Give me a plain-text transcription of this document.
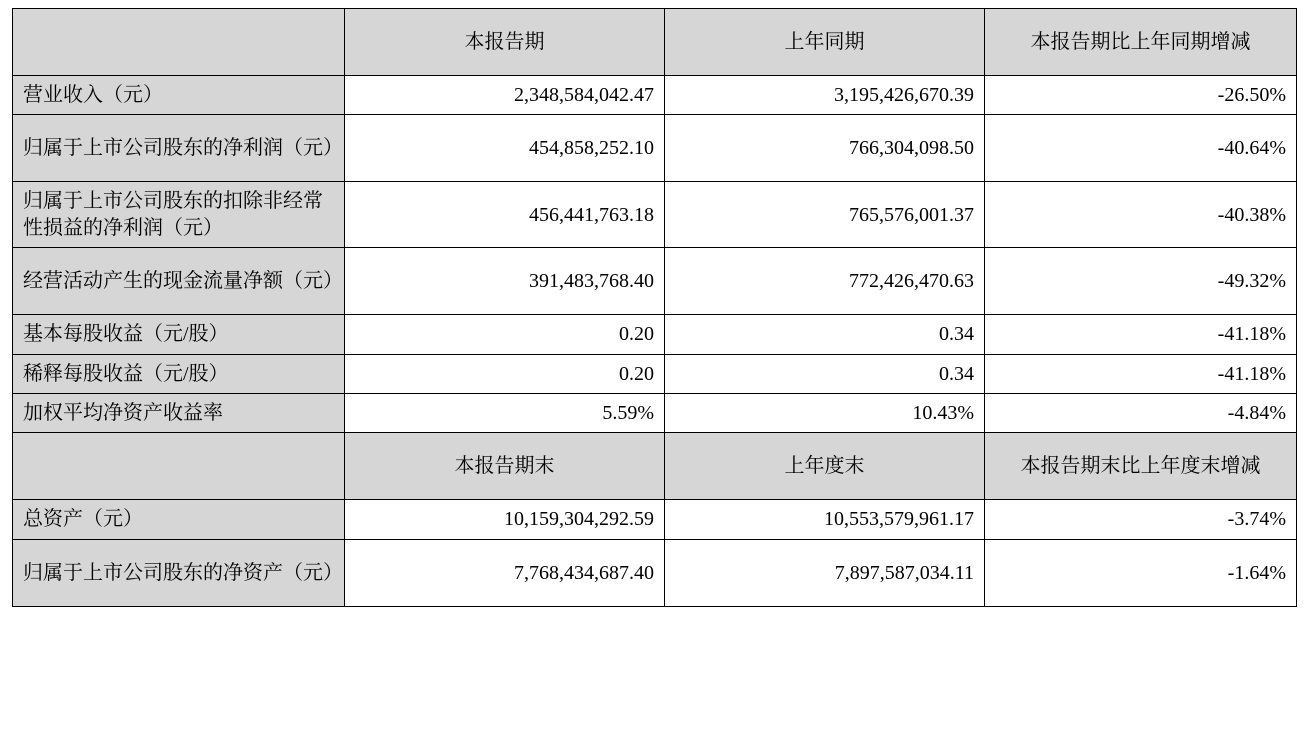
	本报告期	上年同期	本报告期比上年同期增减
营业收入（元）	2,348,584,042.47	3,195,426,670.39	-26.50%
归属于上市公司股东的净利润（元）	454,858,252.10	766,304,098.50	-40.64%
归属于上市公司股东的扣除非经常性损益的净利润（元）	456,441,763.18	765,576,001.37	-40.38%
经营活动产生的现金流量净额（元）	391,483,768.40	772,426,470.63	-49.32%
基本每股收益（元/股）	0.20	0.34	-41.18%
稀释每股收益（元/股）	0.20	0.34	-41.18%
加权平均净资产收益率	5.59%	10.43%	-4.84%
	本报告期末	上年度末	本报告期末比上年度末增减
总资产（元）	10,159,304,292.59	10,553,579,961.17	-3.74%
归属于上市公司股东的净资产（元）	7,768,434,687.40	7,897,587,034.11	-1.64%
